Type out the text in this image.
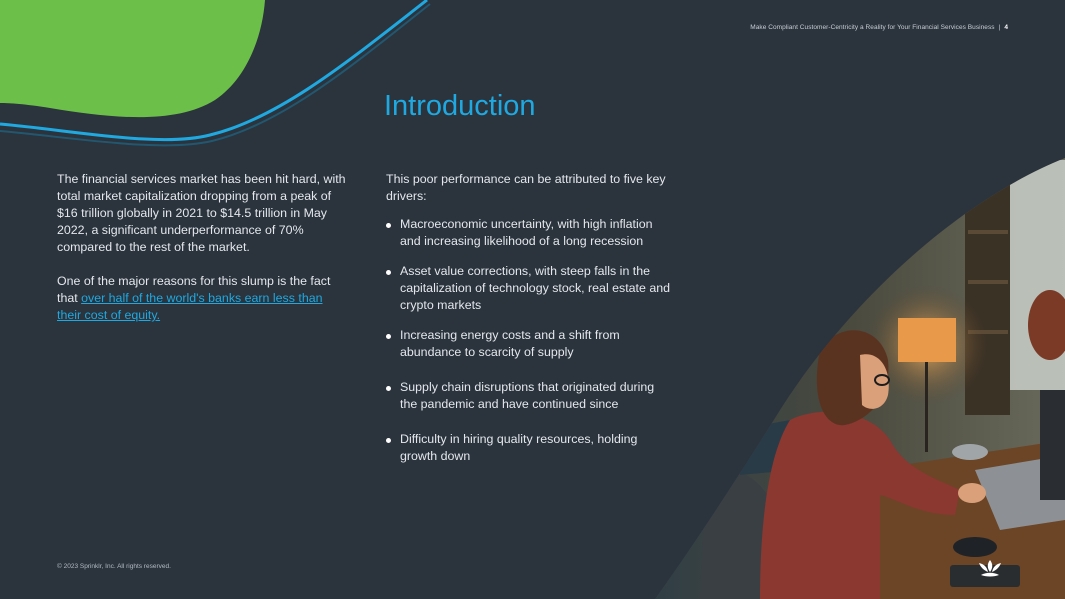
Make Compliant Customer-Centricity a Reality for Your Financial Services Business | 4
Introduction

The financial services market has been hit hard, with total market capitalization dropping from a peak of $16 trillion globally in 2021 to $14.5 trillion in May 2022, a significant underperformance of 70% compared to the rest of the market.

One of the major reasons for this slump is the fact that over half of the world's banks earn less than their cost of equity.

This poor performance can be attributed to five key drivers:

Macroeconomic uncertainty, with high inflation and increasing likelihood of a long recession
Asset value corrections, with steep falls in the capitalization of technology stock, real estate and crypto markets
Increasing energy costs and a shift from abundance to scarcity of supply
Supply chain disruptions that originated during the pandemic and have continued since
Difficulty in hiring quality resources, holding growth down
© 2023 Sprinklr, Inc. All rights reserved.
